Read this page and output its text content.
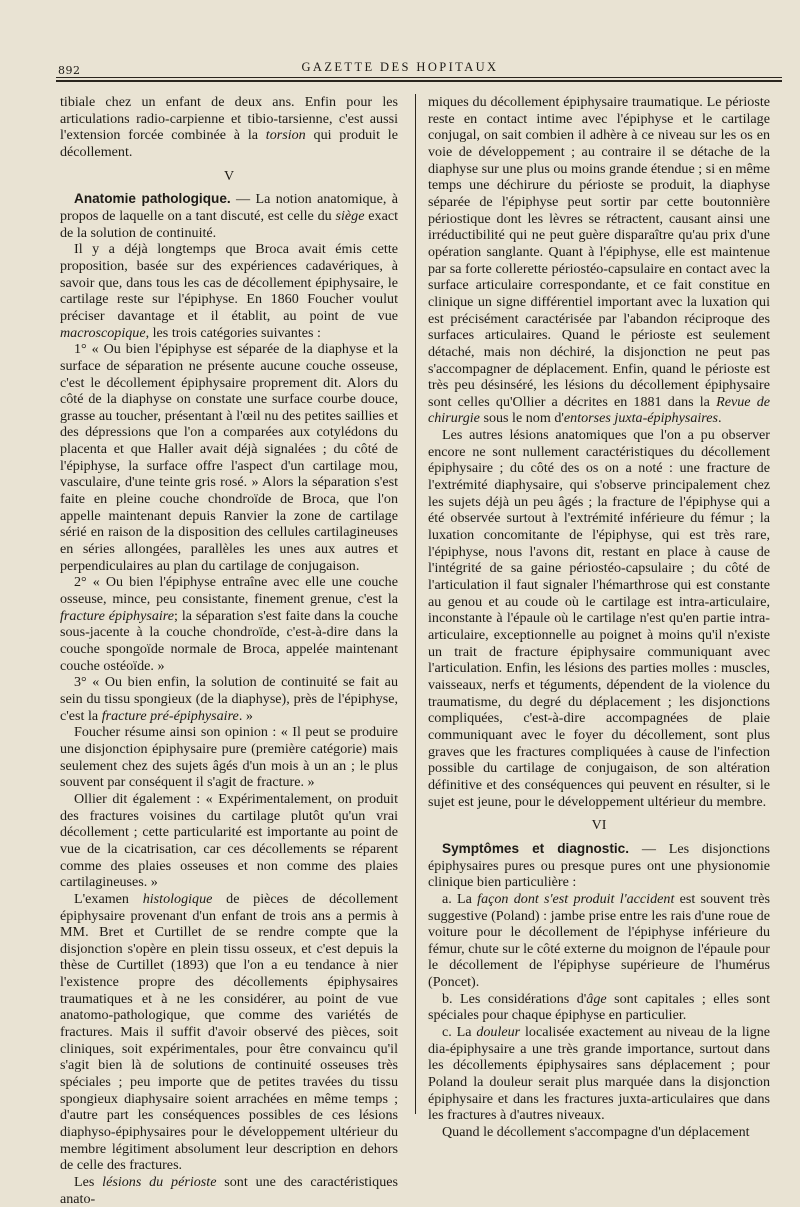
892	GAZETTE DES HOPITAUX

tibiale chez un enfant de deux ans. Enfin pour les articulations radio-carpienne et tibio-tarsienne, c'est aussi l'extension forcée combinée à la torsion qui produit le décollement.

V

Anatomie pathologique. — La notion anatomique, à propos de laquelle on a tant discuté, est celle du siège exact de la solution de continuité.

Il y a déjà longtemps que Broca avait émis cette proposition, basée sur des expériences cadavériques, à savoir que, dans tous les cas de décollement épiphysaire, le cartilage reste sur l'épiphyse. En 1860 Foucher voulut préciser davantage et il établit, au point de vue macroscopique, les trois catégories suivantes :

1° « Ou bien l'épiphyse est séparée de la diaphyse et la surface de séparation ne présente aucune couche osseuse, c'est le décollement épiphysaire proprement dit. Alors du côté de la diaphyse on constate une surface courbe douce, grasse au toucher, présentant à l'œil nu des petites saillies et des dépressions que l'on a comparées aux cotylédons du placenta et que Haller avait déjà signalées ; du côté de l'épiphyse, la surface offre l'aspect d'un cartilage mou, vasculaire, d'une teinte gris rosé. » Alors la séparation s'est faite en pleine couche chondroïde de Broca, que l'on appelle maintenant depuis Ranvier la zone de cartilage sérié en raison de la disposition des cellules cartilagineuses en séries allongées, parallèles les unes aux autres et perpendiculaires au plan du cartilage de conjugaison.

2° « Ou bien l'épiphyse entraîne avec elle une couche osseuse, mince, peu consistante, finement grenue, c'est la fracture épiphysaire; la séparation s'est faite dans la couche sous-jacente à la couche chondroïde, c'est-à-dire dans la couche spongoïde normale de Broca, appelée maintenant couche ostéoïde. »

3° « Ou bien enfin, la solution de continuité se fait au sein du tissu spongieux (de la diaphyse), près de l'épiphyse, c'est la fracture pré-épiphysaire. »

Foucher résume ainsi son opinion : « Il peut se produire une disjonction épiphysaire pure (première catégorie) mais seulement chez des sujets âgés d'un mois à un an ; le plus souvent par conséquent il s'agit de fracture. »

Ollier dit également : « Expérimentalement, on produit des fractures voisines du cartilage plutôt qu'un vrai décollement ; cette particularité est importante au point de vue de la cicatrisation, car ces décollements se réparent comme des plaies osseuses et non comme des plaies cartilagineuses. »

L'examen histologique de pièces de décollement épiphysaire provenant d'un enfant de trois ans a permis à MM. Bret et Curtillet de se rendre compte que la disjonction s'opère en plein tissu osseux, et c'est depuis la thèse de Curtillet (1893) que l'on a eu tendance à nier l'existence propre des décollements épiphysaires traumatiques et à ne les considérer, au point de vue anatomo-pathologique, que comme des variétés de fractures. Mais il suffit d'avoir observé des pièces, soit cliniques, soit expérimentales, pour être convaincu qu'il s'agit bien là de solutions de continuité osseuses très spéciales ; peu importe que de petites travées du tissu spongieux diaphysaire soient arrachées en même temps ; d'autre part les conséquences possibles de ces lésions diaphyso-épiphysaires pour le développement ultérieur du membre légitiment absolument leur description en dehors de celle des fractures.

Les lésions du périoste sont une des caractéristiques anato-

miques du décollement épiphysaire traumatique. Le périoste reste en contact intime avec l'épiphyse et le cartilage conjugal, on sait combien il adhère à ce niveau sur les os en voie de développement ; au contraire il se détache de la diaphyse sur une plus ou moins grande étendue ; si en même temps une déchirure du périoste se produit, la diaphyse séparée de l'épiphyse peut sortir par cette boutonnière périostique dont les lèvres se rétractent, causant ainsi une irréductibilité qui ne peut guère disparaître qu'au prix d'une opération sanglante. Quant à l'épiphyse, elle est maintenue par sa forte collerette périostéo-capsulaire en contact avec la surface articulaire correspondante, et ce fait constitue en clinique un signe différentiel important avec la luxation qui est précisément caractérisée par l'abandon réciproque des surfaces articulaires. Quand le périoste est seulement détaché, mais non déchiré, la disjonction ne peut pas s'accompagner de déplacement. Enfin, quand le périoste est très peu désinséré, les lésions du décollement épiphysaire sont celles qu'Ollier a décrites en 1881 dans la Revue de chirurgie sous le nom d'entorses juxta-épiphysaires.

Les autres lésions anatomiques que l'on a pu observer encore ne sont nullement caractéristiques du décollement épiphysaire ; du côté des os on a noté : une fracture de l'extrémité diaphysaire, qui s'observe principalement chez les sujets déjà un peu âgés ; la fracture de l'épiphyse qui a été observée surtout à l'extrémité inférieure du fémur ; la luxation concomitante de l'épiphyse, qui est très rare, l'épiphyse, nous l'avons dit, restant en place à cause de l'intégrité de sa gaine périostéo-capsulaire ; du côté de l'articulation il faut signaler l'hémarthrose qui est constante au genou et au coude où le cartilage est intra-articulaire, inconstante à l'épaule où le cartilage n'est qu'en partie intra-articulaire, exceptionnelle au poignet à moins qu'il n'existe un trait de fracture épiphysaire communiquant avec l'articulation. Enfin, les lésions des parties molles : muscles, vaisseaux, nerfs et téguments, dépendent de la violence du traumatisme, du degré du déplacement ; les disjonctions compliquées, c'est-à-dire accompagnées de plaie communiquant avec le foyer du décollement, sont plus graves que les fractures compliquées à cause de l'infection possible du cartilage de conjugaison, de son altération définitive et des conséquences qui peuvent en résulter, si le sujet est jeune, pour le développement ultérieur du membre.

VI

Symptômes et diagnostic. — Les disjonctions épiphysaires pures ou presque pures ont une physionomie clinique bien particulière :

a. La façon dont s'est produit l'accident est souvent très suggestive (Poland) : jambe prise entre les rais d'une roue de voiture pour le décollement de l'épiphyse inférieure du fémur, chute sur le côté externe du moignon de l'épaule pour le décollement de l'épiphyse supérieure de l'humérus (Poncet).

b. Les considérations d'âge sont capitales ; elles sont spéciales pour chaque épiphyse en particulier.

c. La douleur localisée exactement au niveau de la ligne dia-épiphysaire a une très grande importance, surtout dans les décollements épiphysaires sans déplacement ; pour Poland la douleur serait plus marquée dans la disjonction épiphysaire et dans les fractures juxta-articulaires que dans les fractures à d'autres niveaux.

Quand le décollement s'accompagne d'un déplacement
